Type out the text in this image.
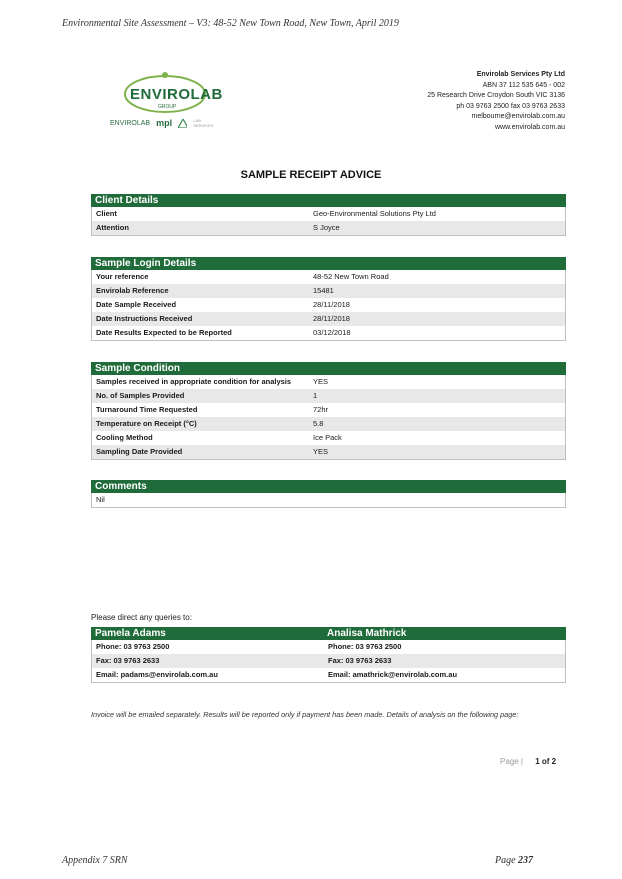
Environmental Site Assessment – V3: 48-52 New Town Road, New Town, April 2019
ENVIROLAB
GROUP
ENVIROLAB mpl	LAB SERVICES
Envirolab Services Pty Ltd
ABN 37 112 535 645 - 002
25 Research Drive Croydon South VIC 3136
ph 03 9763 2500 fax 03 9763 2633
melbourne@envirolab.com.au
www.envirolab.com.au
SAMPLE RECEIPT ADVICE
Client Details
Client	Geo-Environmental Solutions Pty Ltd
Attention	S Joyce
Sample Login Details
Your reference	48-52 New Town Road
Envirolab Reference	15481
Date Sample Received	28/11/2018
Date Instructions Received	28/11/2018
Date Results Expected to be Reported	03/12/2018
Sample Condition
Samples received in appropriate condition for analysis	YES
No. of Samples Provided	1
Turnaround Time Requested	72hr
Temperature on Receipt (°C)	5.8
Cooling Method	Ice Pack
Sampling Date Provided	YES
Comments
Nil
Please direct any queries to:
Pamela Adams	Analisa Mathrick
Phone: 03 9763 2500	Phone: 03 9763 2500
Fax: 03 9763 2633	Fax: 03 9763 2633
Email: padams@envirolab.com.au	Email: amathrick@envirolab.com.au
Invoice will be emailed separately. Results will be reported only if payment has been made. Details of analysis on the following page:
Page | 1 of 2
Appendix 7 SRN	Page 237
